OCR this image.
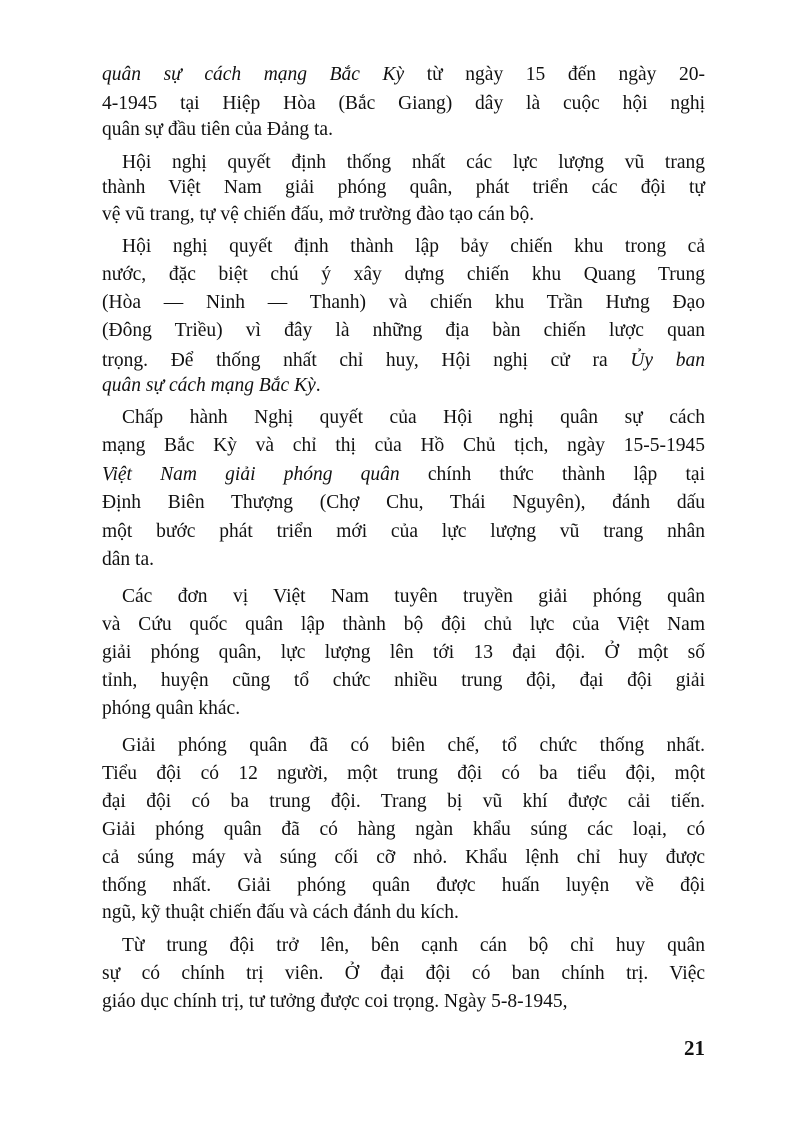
quân sự cách mạng Bắc Kỳ từ ngày 15 đến ngày 20-
4-1945 tại Hiệp Hòa (Bắc Giang) dây là cuộc hội nghị
quân sự đầu tiên của Đảng ta.
Hội nghị quyết định thống nhất các lực lượng vũ trang
thành Việt Nam giải phóng quân, phát triển các đội tự
vệ vũ trang, tự vệ chiến đấu, mở trường đào tạo cán bộ.
Hội nghị quyết định thành lập bảy chiến khu trong cả
nước, đặc biệt chú ý xây dựng chiến khu Quang Trung
(Hòa — Ninh — Thanh) và chiến khu Trần Hưng Đạo
(Đông Triều) vì đây là những địa bàn chiến lược quan
trọng. Để thống nhất chỉ huy, Hội nghị cử ra Ủy ban
quân sự cách mạng Bắc Kỳ.
Chấp hành Nghị quyết của Hội nghị quân sự cách
mạng Bắc Kỳ và chỉ thị của Hồ Chủ tịch, ngày 15-5-1945
Việt Nam giải phóng quân chính thức thành lập tại
Định Biên Thượng (Chợ Chu, Thái Nguyên), đánh dấu
một bước phát triển mới của lực lượng vũ trang nhân
dân ta.
Các đơn vị Việt Nam tuyên truyền giải phóng quân
và Cứu quốc quân lập thành bộ đội chủ lực của Việt Nam
giải phóng quân, lực lượng lên tới 13 đại đội. Ở một số
tỉnh, huyện cũng tổ chức nhiều trung đội, đại đội giải
phóng quân khác.
Giải phóng quân đã có biên chế, tổ chức thống nhất.
Tiểu đội có 12 người, một trung đội có ba tiểu đội, một
đại đội có ba trung đội. Trang bị vũ khí được cải tiến.
Giải phóng quân đã có hàng ngàn khẩu súng các loại, có
cả súng máy và súng cối cỡ nhỏ. Khẩu lệnh chỉ huy được
thống nhất. Giải phóng quân được huấn luyện về đội
ngũ, kỹ thuật chiến đấu và cách đánh du kích.
Từ trung đội trở lên, bên cạnh cán bộ chỉ huy quân
sự có chính trị viên. Ở đại đội có ban chính trị. Việc
giáo dục chính trị, tư tưởng được coi trọng. Ngày 5-8-1945,
21
